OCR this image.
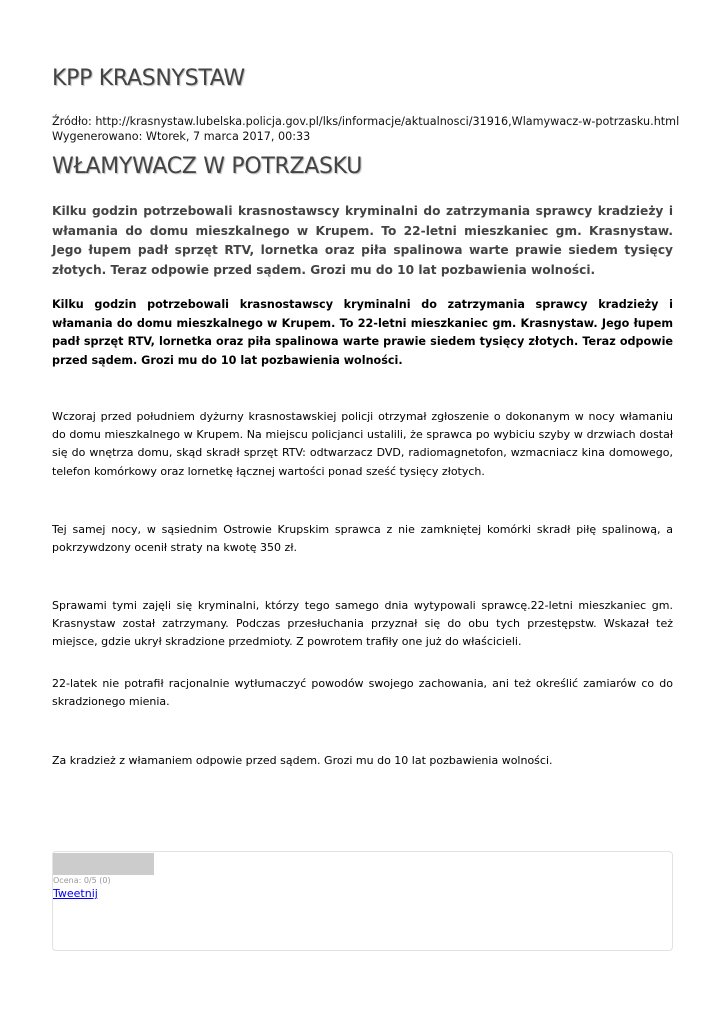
KPP KRASNYSTAW
Źródło: http://krasnystaw.lubelska.policja.gov.pl/lks/informacje/aktualnosci/31916,Wlamywacz-w-potrzasku.html
Wygenerowano: Wtorek, 7 marca 2017, 00:33
WŁAMYWACZ W POTRZASKU

Kilku godzin potrzebowali krasnostawscy kryminalni do zatrzymania sprawcy kradzieży i włamania do domu mieszkalnego w Krupem. To 22-letni mieszkaniec gm. Krasnystaw. Jego łupem padł sprzęt RTV, lornetka oraz piła spalinowa warte prawie siedem tysięcy złotych. Teraz odpowie przed sądem. Grozi mu do 10 lat pozbawienia wolności.

Kilku godzin potrzebowali krasnostawscy kryminalni do zatrzymania sprawcy kradzieży i włamania do domu mieszkalnego w Krupem. To 22-letni mieszkaniec gm. Krasnystaw. Jego łupem padł sprzęt RTV, lornetka oraz piła spalinowa warte prawie siedem tysięcy złotych. Teraz odpowie przed sądem. Grozi mu do 10 lat pozbawienia wolności.

Wczoraj przed południem dyżurny krasnostawskiej policji otrzymał zgłoszenie o dokonanym w nocy włamaniu do domu mieszkalnego w Krupem. Na miejscu policjanci ustalili, że sprawca po wybiciu szyby w drzwiach dostał się do wnętrza domu, skąd skradł sprzęt RTV: odtwarzacz DVD, radiomagnetofon, wzmacniacz kina domowego, telefon komórkowy oraz lornetkę łącznej wartości ponad sześć tysięcy złotych.

Tej samej nocy, w sąsiednim Ostrowie Krupskim sprawca z nie zamkniętej komórki skradł piłę spalinową, a pokrzywdzony ocenił straty na kwotę 350 zł.

Sprawami tymi zajęli się kryminalni, którzy tego samego dnia wytypowali sprawcę.22-letni mieszkaniec gm. Krasnystaw został zatrzymany. Podczas przesłuchania przyznał się do obu tych przestępstw. Wskazał też miejsce, gdzie ukrył skradzione przedmioty. Z powrotem trafiły one już do właścicieli.

22-latek nie potrafił racjonalnie wytłumaczyć powodów swojego zachowania, ani też określić zamiarów co do skradzionego mienia.

Za kradzież z włamaniem odpowie przed sądem. Grozi mu do 10 lat pozbawienia wolności.

Ocena: 0/5 (0)
Tweetnij
